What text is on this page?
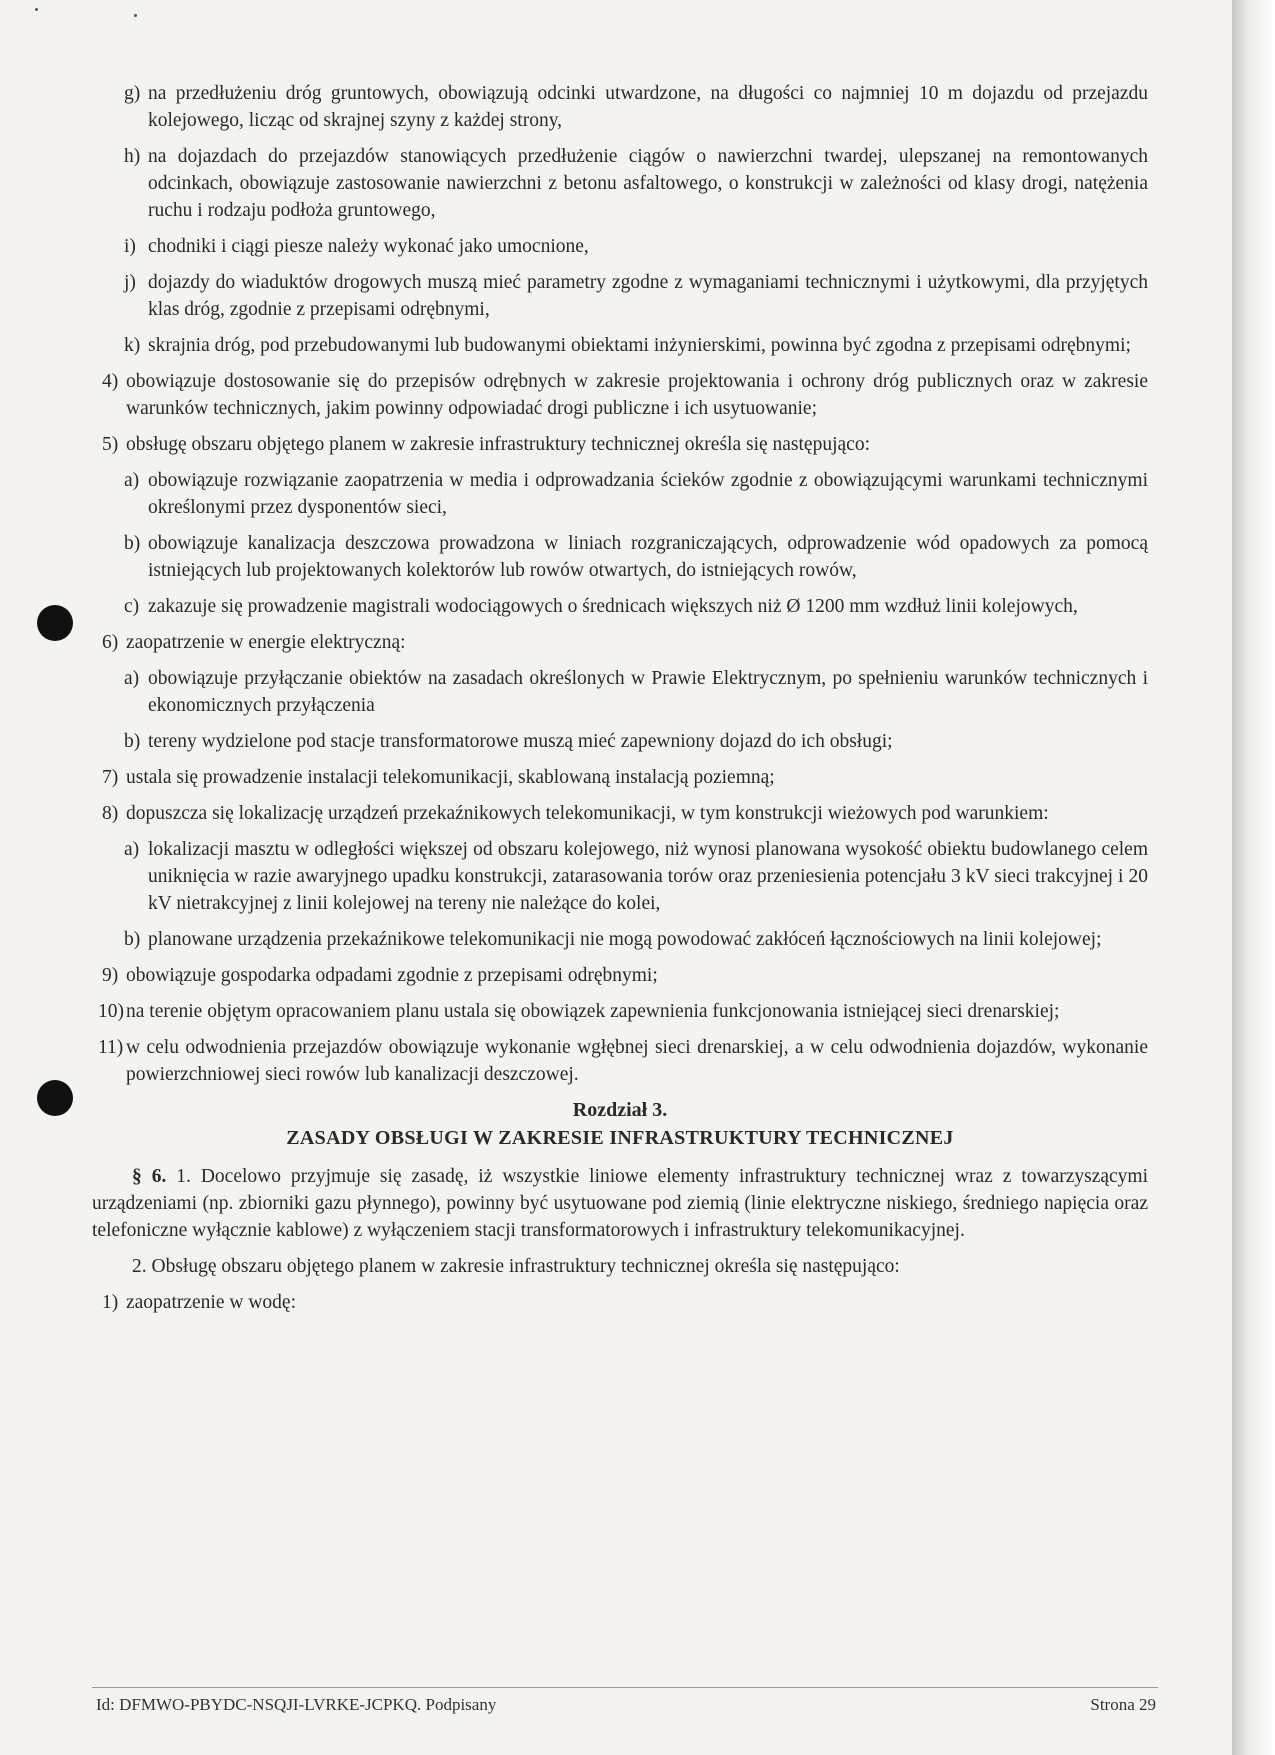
g) na przedłużeniu dróg gruntowych, obowiązują odcinki utwardzone, na długości co najmniej 10 m dojazdu od przejazdu kolejowego, licząc od skrajnej szyny z każdej strony,
h) na dojazdach do przejazdów stanowiących przedłużenie ciągów o nawierzchni twardej, ulepszanej na remontowanych odcinkach, obowiązuje zastosowanie nawierzchni z betonu asfaltowego, o konstrukcji w zależności od klasy drogi, natężenia ruchu i rodzaju podłoża gruntowego,
i) chodniki i ciągi piesze należy wykonać jako umocnione,
j) dojazdy do wiaduktów drogowych muszą mieć parametry zgodne z wymaganiami technicznymi i użytkowymi, dla przyjętych klas dróg, zgodnie z przepisami odrębnymi,
k) skrajnia dróg, pod przebudowanymi lub budowanymi obiektami inżynierskimi, powinna być zgodna z przepisami odrębnymi;
4) obowiązuje dostosowanie się do przepisów odrębnych w zakresie projektowania i ochrony dróg publicznych oraz w zakresie warunków technicznych, jakim powinny odpowiadać drogi publiczne i ich usytuowanie;
5) obsługę obszaru objętego planem w zakresie infrastruktury technicznej określa się następująco:
a) obowiązuje rozwiązanie zaopatrzenia w media i odprowadzania ścieków zgodnie z obowiązującymi warunkami technicznymi określonymi przez dysponentów sieci,
b) obowiązuje kanalizacja deszczowa prowadzona w liniach rozgraniczających, odprowadzenie wód opadowych za pomocą istniejących lub projektowanych kolektorów lub rowów otwartych, do istniejących rowów,
c) zakazuje się prowadzenie magistrali wodociągowych o średnicach większych niż Ø 1200 mm wzdłuż linii kolejowych,
6) zaopatrzenie w energie elektryczną:
a) obowiązuje przyłączanie obiektów na zasadach określonych w Prawie Elektrycznym, po spełnieniu warunków technicznych i ekonomicznych przyłączenia
b) tereny wydzielone pod stacje transformatorowe muszą mieć zapewniony dojazd do ich obsługi;
7) ustala się prowadzenie instalacji telekomunikacji, skablowaną instalacją poziemną;
8) dopuszcza się lokalizację urządzeń przekaźnikowych telekomunikacji, w tym konstrukcji wieżowych pod warunkiem:
a) lokalizacji masztu w odległości większej od obszaru kolejowego, niż wynosi planowana wysokość obiektu budowlanego celem uniknięcia w razie awaryjnego upadku konstrukcji, zatarasowania torów oraz przeniesienia potencjału 3 kV sieci trakcyjnej i 20 kV nietrakcyjnej z linii kolejowej na tereny nie należące do kolei,
b) planowane urządzenia przekaźnikowe telekomunikacji nie mogą powodować zakłóceń łącznościowych na linii kolejowej;
9) obowiązuje gospodarka odpadami zgodnie z przepisami odrębnymi;
10) na terenie objętym opracowaniem planu ustala się obowiązek zapewnienia funkcjonowania istniejącej sieci drenarskiej;
11) w celu odwodnienia przejazdów obowiązuje wykonanie wgłębnej sieci drenarskiej, a w celu odwodnienia dojazdów, wykonanie powierzchniowej sieci rowów lub kanalizacji deszczowej.
Rozdział 3.
ZASADY OBSŁUGI W ZAKRESIE INFRASTRUKTURY TECHNICZNEJ
§ 6. 1. Docelowo przyjmuje się zasadę, iż wszystkie liniowe elementy infrastruktury technicznej wraz z towarzyszącymi urządzeniami (np. zbiorniki gazu płynnego), powinny być usytuowane pod ziemią (linie elektryczne niskiego, średniego napięcia oraz telefoniczne wyłącznie kablowe) z wyłączeniem stacji transformatorowych i infrastruktury telekomunikacyjnej.
2. Obsługę obszaru objętego planem w zakresie infrastruktury technicznej określa się następująco:
1) zaopatrzenie w wodę:
Id: DFMWO-PBYDC-NSQJI-LVRKE-JCPKQ. Podpisany	Strona 29
